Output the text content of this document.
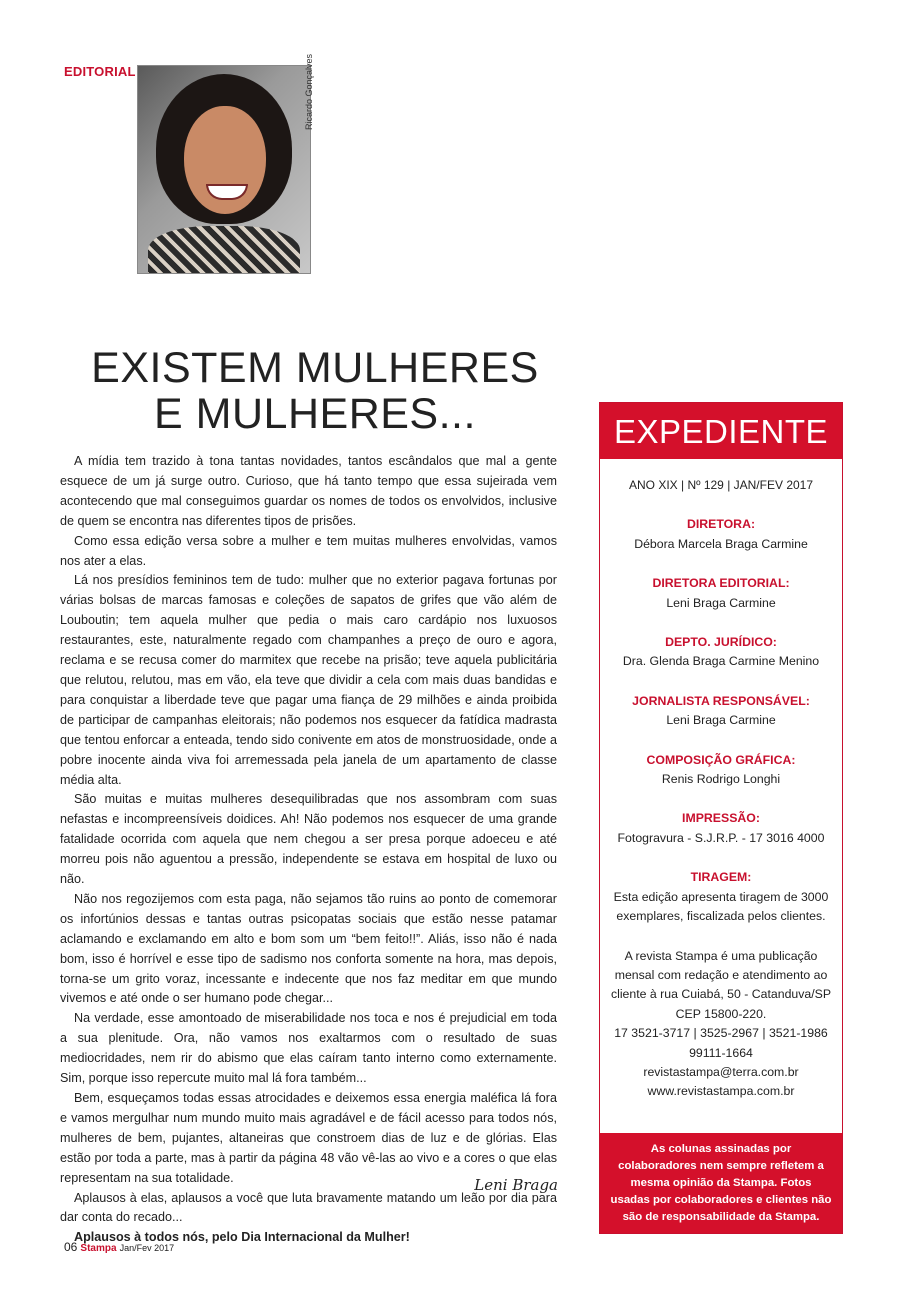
EDITORIAL	Ricardo Gonçalves
EXISTEM MULHERES
E MULHERES...

A mídia tem trazido à tona tantas novidades, tantos escândalos que mal a gente esquece de um já surge outro. Curioso, que há tanto tempo que essa sujeirada vem acontecendo que mal conseguimos guardar os nomes de todos os envolvidos, inclusive de quem se encontra nas diferentes tipos de prisões.

Como essa edição versa sobre a mulher e tem muitas mulheres envolvidas, vamos nos ater a elas.

Lá nos presídios femininos tem de tudo: mulher que no exterior pagava fortunas por várias bolsas de marcas famosas e coleções de sapatos de grifes que vão além de Louboutin; tem aquela mulher que pedia o mais caro cardápio nos luxuosos restaurantes, este, naturalmente regado com champanhes a preço de ouro e agora, reclama e se recusa comer do marmitex que recebe na prisão; teve aquela publicitária que relutou, relutou, mas em vão, ela teve que dividir a cela com mais duas bandidas e para conquistar a liberdade teve que pagar uma fiança de 29 milhões e ainda proibida de participar de campanhas eleitorais; não podemos nos esquecer da fatídica madrasta que tentou enforcar a enteada, tendo sido conivente em atos de monstruosidade, onde a pobre inocente ainda viva foi arremessada pela janela de um apartamento de classe média alta.

São muitas e muitas mulheres desequilibradas que nos assombram com suas nefastas e incompreensíveis doidices. Ah! Não podemos nos esquecer de uma grande fatalidade ocorrida com aquela que nem chegou a ser presa porque adoeceu e até morreu pois não aguentou a pressão, independente se estava em hospital de luxo ou não.

Não nos regozijemos com esta paga, não sejamos tão ruins ao ponto de comemorar os infortúnios dessas e tantas outras psicopatas sociais que estão nesse patamar aclamando e exclamando em alto e bom som um “bem feito!!”. Aliás, isso não é nada bom, isso é horrível e esse tipo de sadismo nos conforta somente na hora, mas depois, torna-se um grito voraz, incessante e indecente que nos faz meditar em que mundo vivemos e até onde o ser humano pode chegar...

Na verdade, esse amontoado de miserabilidade nos toca e nos é prejudicial em toda a sua plenitude. Ora, não vamos nos exaltarmos com o resultado de suas mediocridades, nem rir do abismo que elas caíram tanto interno como externamente. Sim, porque isso repercute muito mal lá fora também...

Bem, esqueçamos todas essas atrocidades e deixemos essa energia maléfica lá fora e vamos mergulhar num mundo muito mais agradável e de fácil acesso para todos nós, mulheres de bem, pujantes, altaneiras que constroem dias de luz e de glórias. Elas estão por toda a parte, mas à partir da página 48 vão vê-las ao vivo e a cores o que elas representam na sua totalidade.

Aplausos à elas, aplausos a você que luta bravamente matando um leão por dia para dar conta do recado...

Aplausos à todos nós, pelo Dia Internacional da Mulher!

Leni Braga
EXPEDIENTE
ANO XIX | Nº 129 | JAN/FEV 2017
DIRETORA:
Débora Marcela Braga Carmine
DIRETORA EDITORIAL:
Leni Braga Carmine
DEPTO. JURÍDICO:
Dra. Glenda Braga Carmine Menino
JORNALISTA RESPONSÁVEL:
Leni Braga Carmine
COMPOSIÇÃO GRÁFICA:
Renis Rodrigo Longhi
IMPRESSÃO:
Fotogravura - S.J.R.P. - 17 3016 4000
TIRAGEM:
Esta edição apresenta tiragem de 3000 exemplares, fiscalizada pelos clientes.
A revista Stampa é uma publicação mensal com redação e atendimento ao cliente à rua Cuiabá, 50 - Catanduva/SP CEP 15800-220.
17 3521-3717 | 3525-2967 | 3521-1986
99111-1664
revistastampa@terra.com.br
www.revistastampa.com.br
As colunas assinadas por colaboradores nem sempre refletem a mesma opinião da Stampa. Fotos usadas por colaboradores e clientes não são de responsabilidade da Stampa.
06 Stampa Jan/Fev 2017
